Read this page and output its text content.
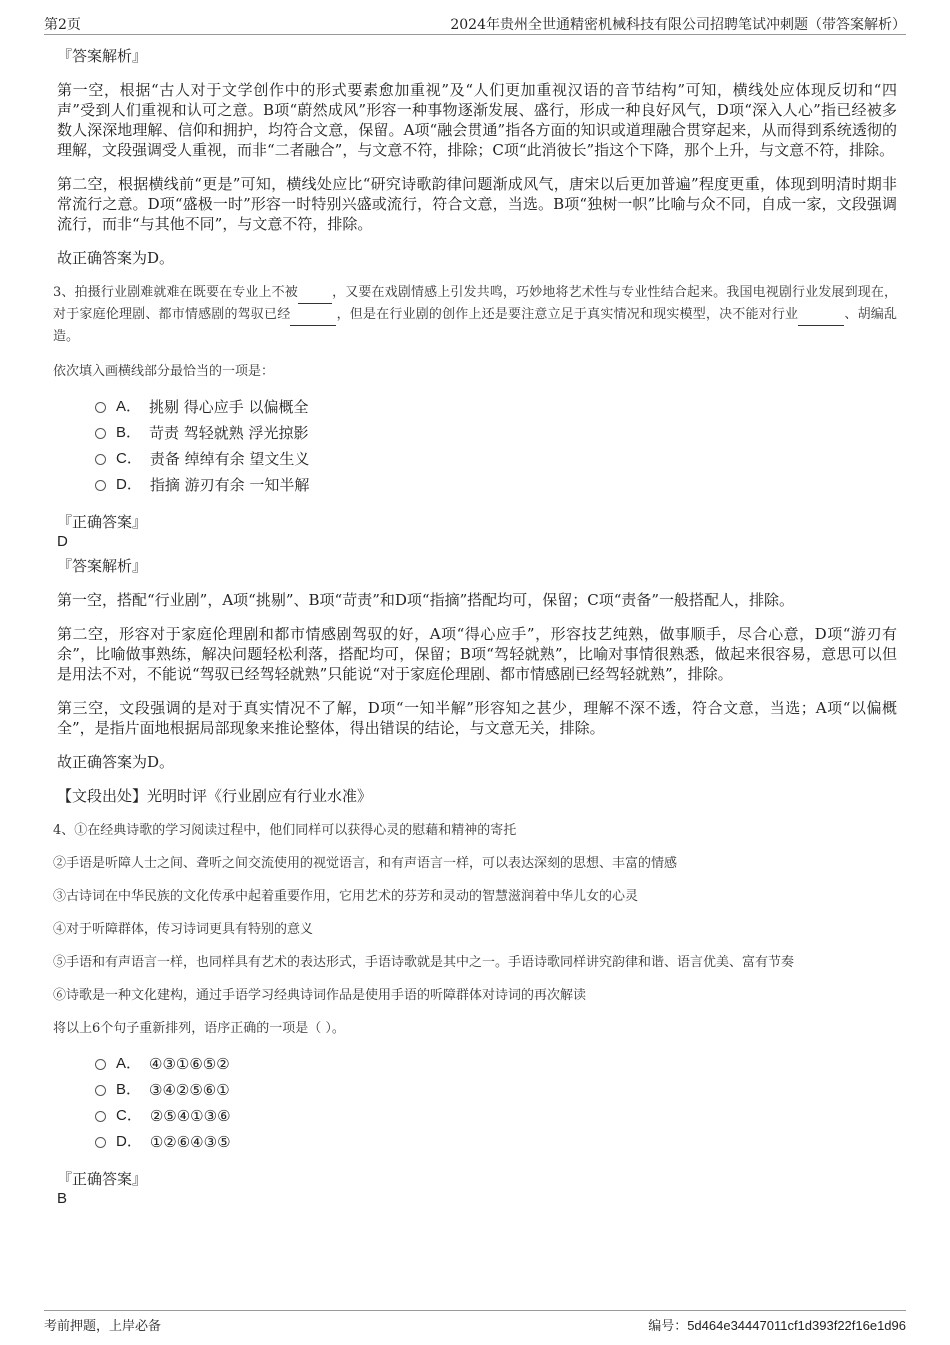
第2页	2024年贵州全世通精密机械科技有限公司招聘笔试冲刺题（带答案解析）

『答案解析』

第一空，根据“古人对于文学创作中的形式要素愈加重视”及“人们更加重视汉语的音节结构”可知，横线处应体现反切和“四声”受到人们重视和认可之意。B项“蔚然成风”形容一种事物逐渐发展、盛行，形成一种良好风气，D项“深入人心”指已经被多数人深深地理解、信仰和拥护，均符合文意，保留。A项“融会贯通”指各方面的知识或道理融合贯穿起来，从而得到系统透彻的理解，文段强调受人重视，而非“二者融合”，与文意不符，排除；C项“此消彼长”指这个下降，那个上升，与文意不符，排除。

第二空，根据横线前“更是”可知，横线处应比“研究诗歌韵律问题渐成风气，唐宋以后更加普遍”程度更重，体现到明清时期非常流行之意。D项“盛极一时”形容一时特别兴盛或流行，符合文意，当选。B项“独树一帜”比喻与众不同，自成一家，文段强调流行，而非“与其他不同”，与文意不符，排除。

故正确答案为D。

3、拍摄行业剧难就难在既要在专业上不被	，又要在戏剧情感上引发共鸣，巧妙地将艺术性与专业性结合起来。我国电视剧行业发展到现在，对于家庭伦理剧、都市情感剧的驾驭已经	，但是在行业剧的创作上还是要注意立足于真实情况和现实模型，决不能对行业	、胡编乱造。

依次填入画横线部分最恰当的一项是：

A． 挑剔 得心应手 以偏概全
B． 苛责 驾轻就熟 浮光掠影
C． 责备 绰绰有余 望文生义
D． 指摘 游刃有余 一知半解

『正确答案』

D

『答案解析』

第一空，搭配“行业剧”，A项“挑剔”、B项“苛责”和D项“指摘”搭配均可，保留；C项“责备”一般搭配人，排除。

第二空，形容对于家庭伦理剧和都市情感剧驾驭的好，A项“得心应手”，形容技艺纯熟，做事顺手，尽合心意，D项“游刃有余”，比喻做事熟练，解决问题轻松利落，搭配均可，保留；B项“驾轻就熟”，比喻对事情很熟悉，做起来很容易，意思可以但是用法不对，不能说“驾驭已经驾轻就熟”只能说“对于家庭伦理剧、都市情感剧已经驾轻就熟”，排除。

第三空，文段强调的是对于真实情况不了解，D项“一知半解”形容知之甚少，理解不深不透，符合文意，当选；A项“以偏概全”，是指片面地根据局部现象来推论整体，得出错误的结论，与文意无关，排除。

故正确答案为D。

【文段出处】光明时评《行业剧应有行业水准》

4、①在经典诗歌的学习阅读过程中，他们同样可以获得心灵的慰藉和精神的寄托

②手语是听障人士之间、聋听之间交流使用的视觉语言，和有声语言一样，可以表达深刻的思想、丰富的情感

③古诗词在中华民族的文化传承中起着重要作用，它用艺术的芬芳和灵动的智慧滋润着中华儿女的心灵

④对于听障群体，传习诗词更具有特别的意义

⑤手语和有声语言一样，也同样具有艺术的表达形式，手语诗歌就是其中之一。手语诗歌同样讲究韵律和谐、语言优美、富有节奏

⑥诗歌是一种文化建构，通过手语学习经典诗词作品是使用手语的听障群体对诗词的再次解读

将以上6个句子重新排列，语序正确的一项是（ ）。

A． ④③①⑥⑤②
B． ③④②⑤⑥①
C． ②⑤④①③⑥
D． ①②⑥④③⑤

『正确答案』

B

考前押题，上岸必备	编号：5d464e34447011cf1d393f22f16e1d96
